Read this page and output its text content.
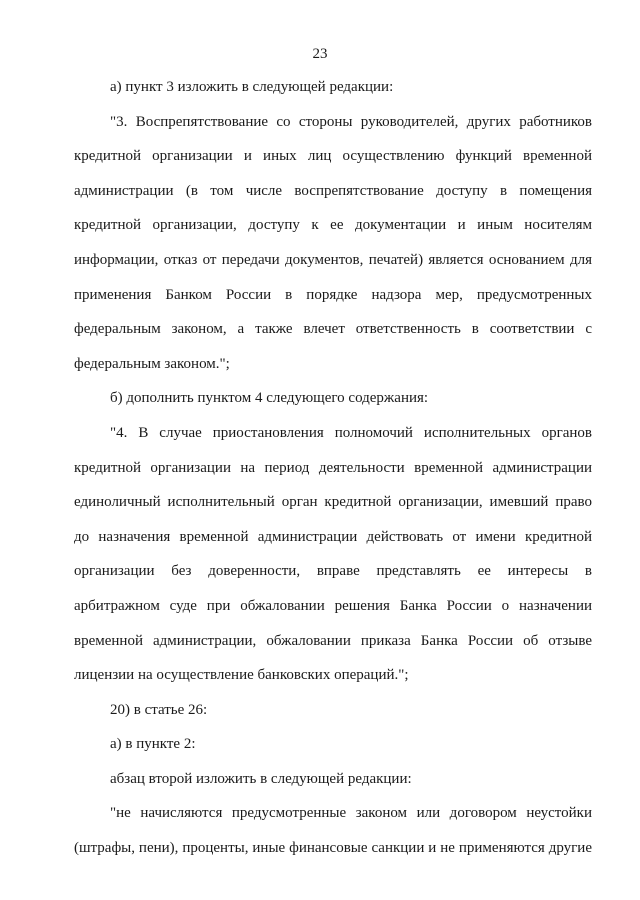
23
а) пункт 3 изложить в следующей редакции:
"3. Воспрепятствование со стороны руководителей, других работников
кредитной организации и иных лиц осуществлению функций временной
администрации (в том числе воспрепятствование доступу в помещения
кредитной организации, доступу к ее документации и иным носителям
информации, отказ от передачи документов, печатей) является основанием для
применения Банком России в порядке надзора мер, предусмотренных
федеральным законом, а также влечет ответственность в соответствии с
федеральным законом.";
б) дополнить пунктом 4 следующего содержания:
"4. В случае приостановления полномочий исполнительных органов
кредитной организации на период деятельности временной администрации
единоличный исполнительный орган кредитной организации, имевший право
до назначения временной администрации действовать от имени кредитной
организации без доверенности, вправе представлять ее интересы в
арбитражном суде при обжаловании решения Банка России о назначении
временной администрации, обжаловании приказа Банка России об отзыве
лицензии на осуществление банковских операций.";
20) в статье 26:
а) в пункте 2:
абзац второй изложить в следующей редакции:
"не начисляются предусмотренные законом или договором неустойки
(штрафы, пени), проценты, иные финансовые санкции и не применяются другие
